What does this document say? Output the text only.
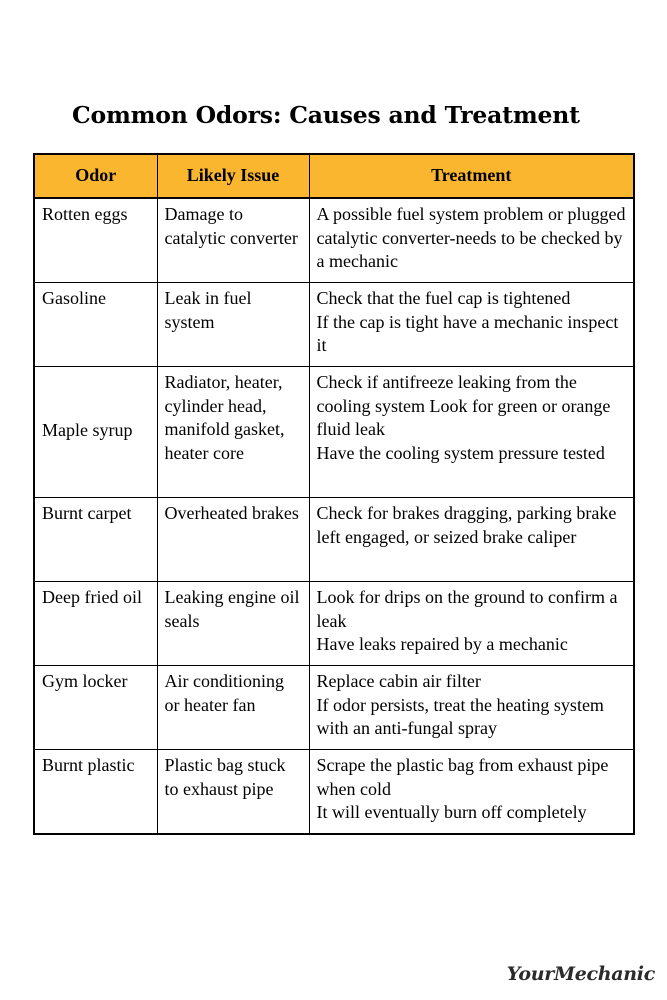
Common Odors: Causes and Treatment
Odor	Likely Issue	Treatment
Rotten eggs	Damage to catalytic converter	A possible fuel system problem or plugged catalytic converter-needs to be checked by a mechanic

Gasoline	Leak in fuel system	Check that the fuel cap is tightened
If the cap is tight have a mechanic inspect it

Maple syrup	Radiator, heater, cylinder head, manifold gasket, heater core	Check if antifreeze leaking from the cooling system Look for green or orange fluid leak
Have the cooling system pressure tested

Burnt carpet	Overheated brakes	Check for brakes dragging, parking brake left engaged, or seized brake caliper

Deep fried oil	Leaking engine oil seals	Look for drips on the ground to confirm a leak
Have leaks repaired by a mechanic

Gym locker	Air conditioning or heater fan	Replace cabin air filter
If odor persists, treat the heating system with an anti-fungal spray

Burnt plastic	Plastic bag stuck to exhaust pipe	Scrape the plastic bag from exhaust pipe when cold
It will eventually burn off completely
YourMechanic
